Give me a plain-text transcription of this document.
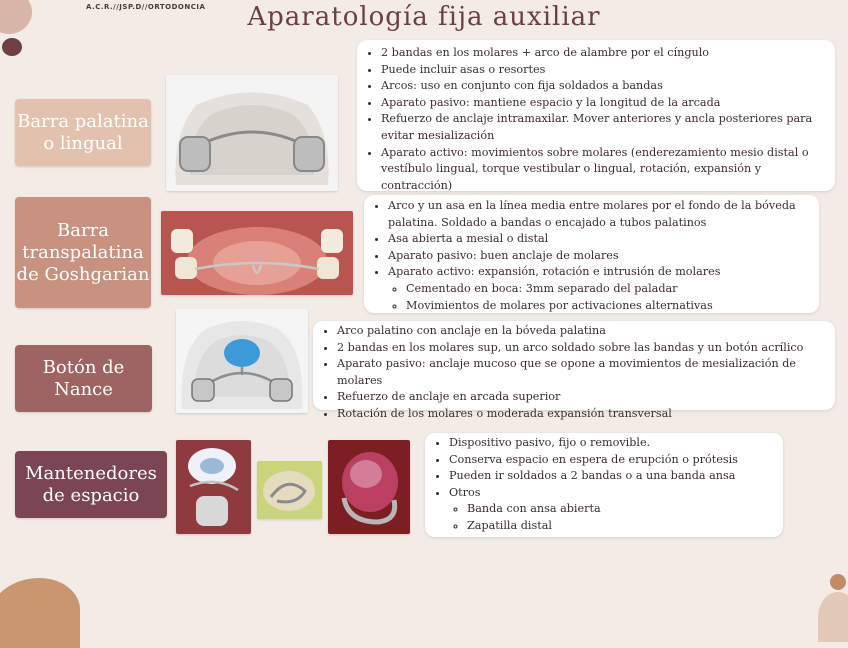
A.C.R.//JSP.D//ORTODONCIA	Aparatología fija auxiliar
Barra palatina o lingual
• 2 bandas en los molares + arco de alambre por el cíngulo
• Puede incluir asas o resortes
• Arcos: uso en conjunto con fija soldados a bandas
• Aparato pasivo: mantiene espacio y la longitud de la arcada
• Refuerzo de anclaje intramaxilar. Mover anteriores y ancla posteriores para evitar mesialización
• Aparato activo: movimientos sobre molares (enderezamiento mesio distal o vestíbulo lingual, torque vestibular o lingual, rotación, expansión y contracción)
Barra transpalatina de Goshgarian
• Arco y un asa en la línea media entre molares por el fondo de la bóveda palatina. Soldado a bandas o encajado a tubos palatinos
• Asa abierta a mesial o distal
• Aparato pasivo: buen anclaje de molares
• Aparato activo: expansión, rotación e intrusión de molares
◦ Cementado en boca: 3mm separado del paladar
◦ Movimientos de molares por activaciones alternativas
Botón de Nance
• Arco palatino con anclaje en la bóveda palatina
• 2 bandas en los molares sup, un arco soldado sobre las bandas y un botón acrílico
• Aparato pasivo: anclaje mucoso que se opone a movimientos de mesialización de molares
• Refuerzo de anclaje en arcada superior
• Rotación de los molares o moderada expansión transversal
Mantenedores de espacio
• Dispositivo pasivo, fijo o removible.
• Conserva espacio en espera de erupción o prótesis
• Pueden ir soldados a 2 bandas o a una banda ansa
• Otros
◦ Banda con ansa abierta
◦ Zapatilla distal
